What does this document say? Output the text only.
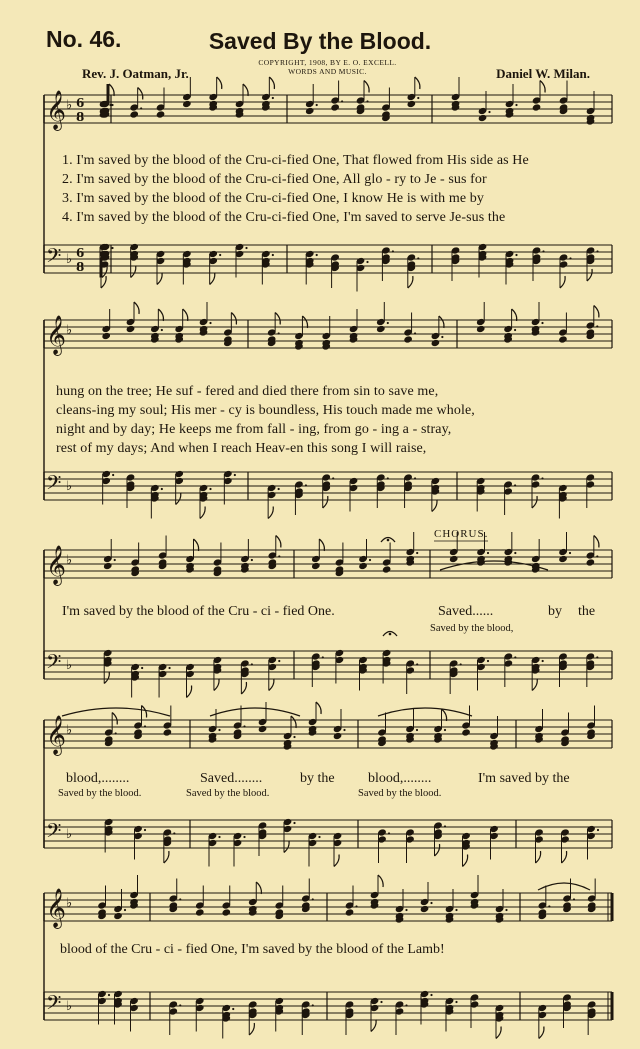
No. 46.	Saved By the Blood.
Rev. J. Oatman, Jr.
COPYRIGHT, 1908, BY E. O. EXCELL.
WORDS AND MUSIC.	Daniel W. Milan.
1. I'm saved by the blood of the Cru-ci-fied One, That flowed from His side as He
2. I'm saved by the blood of the Cru-ci-fied One, All glo - ry to Je - sus for
3. I'm saved by the blood of the Cru-ci-fied One, I know He is with me by
4. I'm saved by the blood of the Cru-ci-fied One, I'm saved to serve Je-sus the
hung on the tree; He suf - fered and died there from sin to save me,
cleans-ing my soul; His mer - cy is boundless, His touch made me whole,
night and by day; He keeps me from fall - ing, from go - ing a - stray,
rest of my days; And when I reach Heav-en this song I will raise,
CHORUS.
I'm saved by the blood of the Cru - ci - fied One.	Saved......	by the
Saved by the blood,
blood,........	Saved........	by the blood,........	I'm saved by the
Saved by the blood.	Saved by the blood.	Saved by the blood.
blood of the Cru - ci - fied One, I'm saved by the blood of the Lamb!
𝄞 ♭ 6
8
𝄢 ♭ 6
8
𝄞 ♭
𝄢 ♭
𝄞 ♭
𝄢 ♭
𝄞 ♭
𝄢 ♭
𝄞 ♭
𝄢 ♭
